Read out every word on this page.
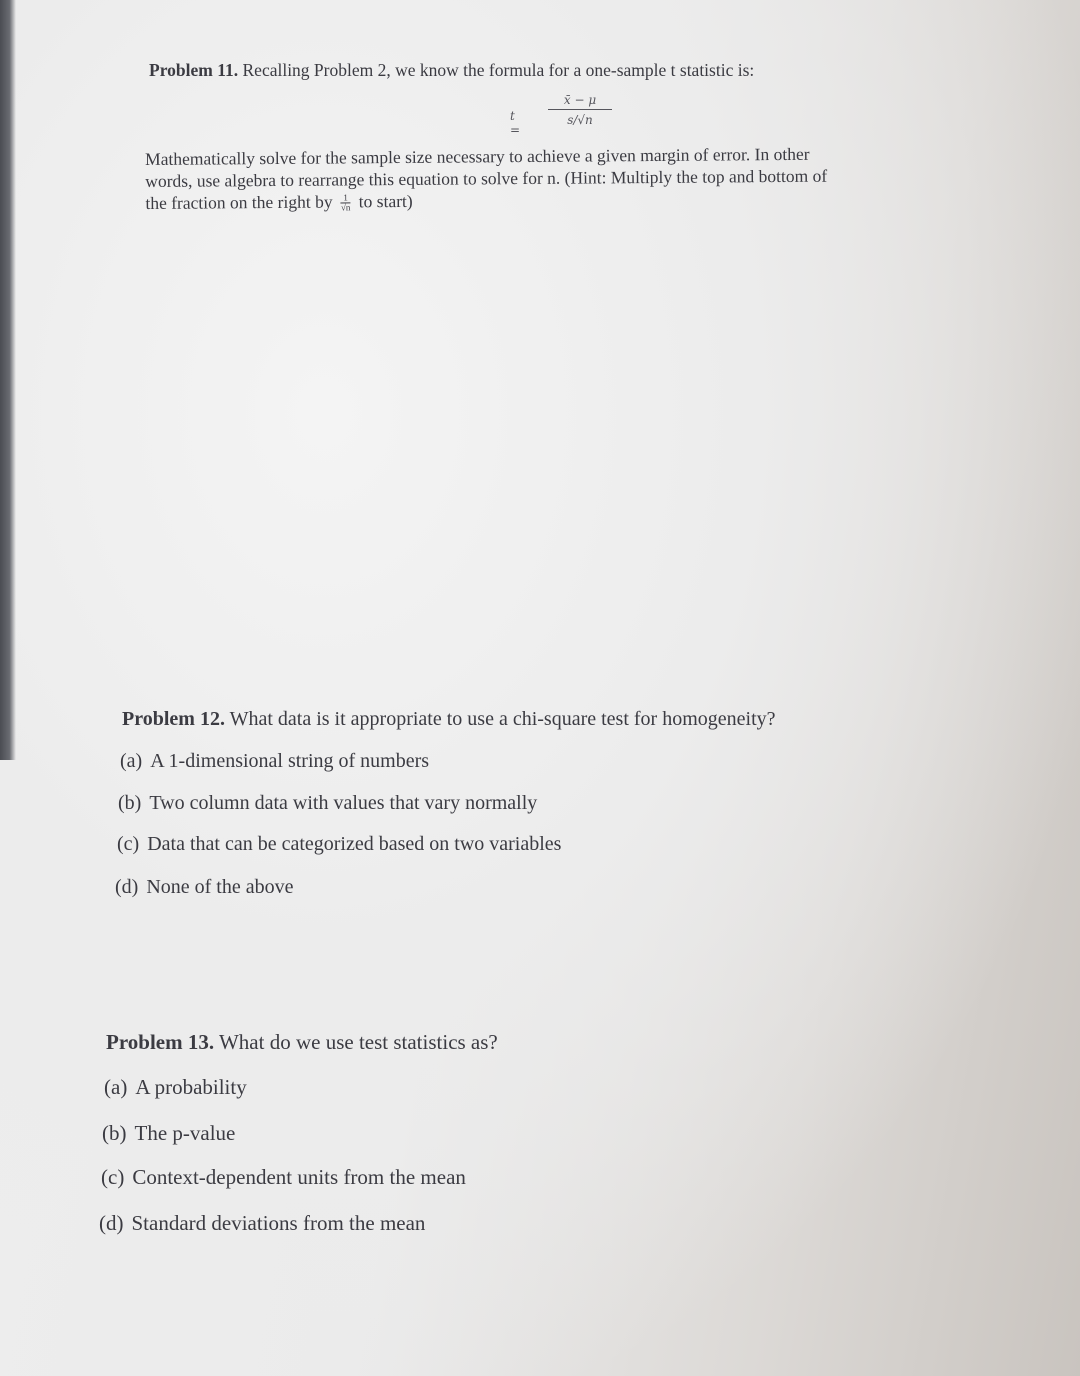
Problem 11. Recalling Problem 2, we know the formula for a one-sample t statistic is:
t =
x̄ − μ
s/√n
Mathematically solve for the sample size necessary to achieve a given margin of error. In other
words, use algebra to rearrange this equation to solve for n. (Hint: Multiply the top and bottom of
the fraction on the right by $\frac{1}{√n}$ to start)
Problem 12. What data is it appropriate to use a chi-square test for homogeneity?
(a) A 1-dimensional string of numbers
(b) Two column data with values that vary normally
(c) Data that can be categorized based on two variables
(d) None of the above
Problem 13. What do we use test statistics as?
(a) A probability
(b) The p-value
(c) Context-dependent units from the mean
(d) Standard deviations from the mean
